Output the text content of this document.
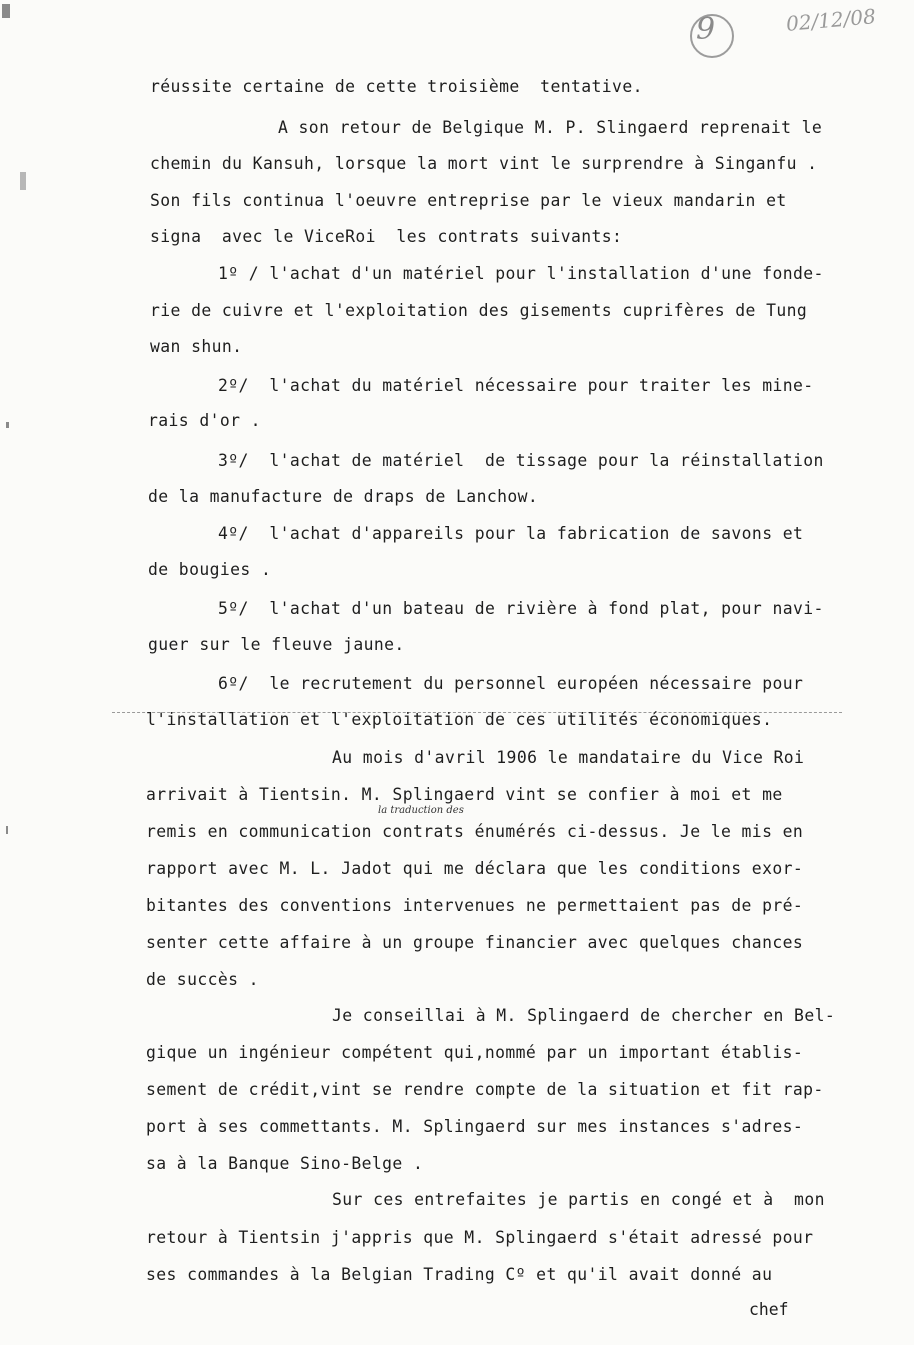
9	02/12/08
la traduction des
réussite certaine de cette troisième  tentative.
A son retour de Belgique M. P. Slingaerd reprenait le
chemin du Kansuh, lorsque la mort vint le surprendre à Singanfu .
Son fils continua l'oeuvre entreprise par le vieux mandarin et
signa  avec le ViceRoi  les contrats suivants:
1º / l'achat d'un matériel pour l'installation d'une fonde-
rie de cuivre et l'exploitation des gisements cuprifères de Tung
wan shun.
2º/  l'achat du matériel nécessaire pour traiter les mine-
rais d'or .
3º/  l'achat de matériel  de tissage pour la réinstallation
de la manufacture de draps de Lanchow.
4º/  l'achat d'appareils pour la fabrication de savons et
de bougies .
5º/  l'achat d'un bateau de rivière à fond plat, pour navi-
guer sur le fleuve jaune.
6º/  le recrutement du personnel européen nécessaire pour
l'installation et l'exploitation de ces utilités économiques.
Au mois d'avril 1906 le mandataire du Vice Roi
arrivait à Tientsin. M. Splingaerd vint se confier à moi et me
remis en communication contrats énumérés ci-dessus. Je le mis en
rapport avec M. L. Jadot qui me déclara que les conditions exor-
bitantes des conventions intervenues ne permettaient pas de pré-
senter cette affaire à un groupe financier avec quelques chances
de succès .
Je conseillai à M. Splingaerd de chercher en Bel-
gique un ingénieur compétent qui,nommé par un important établis-
sement de crédit,vint se rendre compte de la situation et fit rap-
port à ses commettants. M. Splingaerd sur mes instances s'adres-
sa à la Banque Sino-Belge .
Sur ces entrefaites je partis en congé et à  mon
retour à Tientsin j'appris que M. Splingaerd s'était adressé pour
ses commandes à la Belgian Trading Cº et qu'il avait donné au
chef
